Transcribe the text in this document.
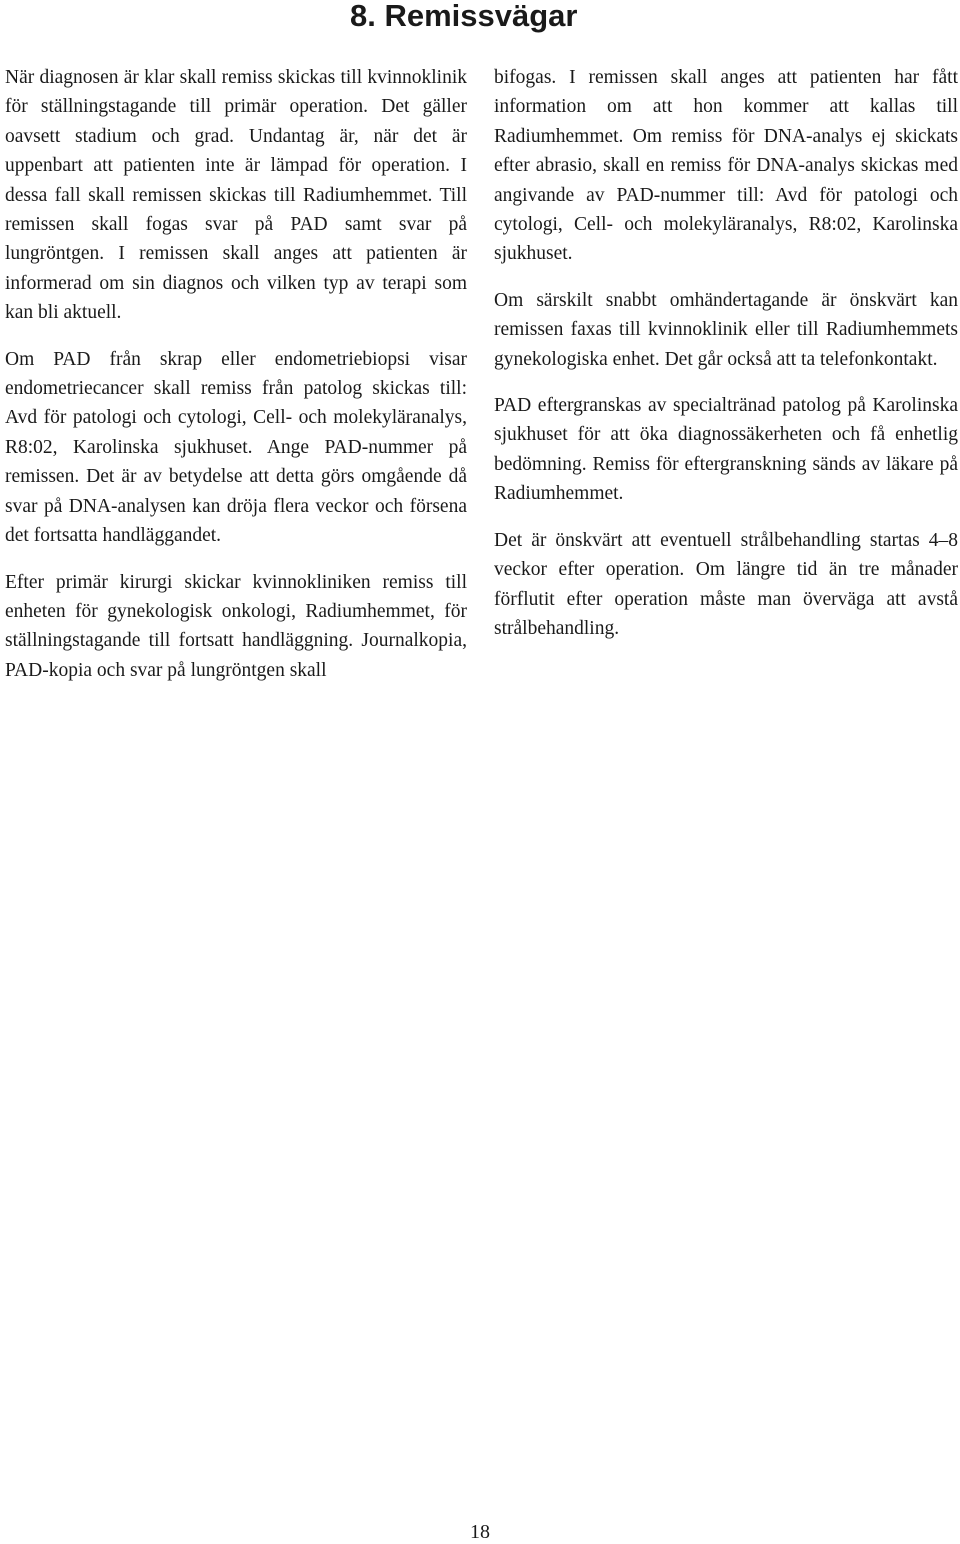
8. Remissvägar

När diagnosen är klar skall remiss skickas till kvinnoklinik för ställningstagande till primär operation. Det gäller oavsett stadium och grad. Undantag är, när det är uppenbart att patienten inte är lämpad för operation. I dessa fall skall remissen skickas till Radiumhemmet. Till remissen skall fogas svar på PAD samt svar på lungröntgen. I remissen skall anges att patienten är informerad om sin diagnos och vilken typ av terapi som kan bli aktuell.

Om PAD från skrap eller endometriebiopsi visar endometriecancer skall remiss från patolog skickas till: Avd för patologi och cytologi, Cell- och molekyläranalys, R8:02, Karolinska sjukhuset. Ange PAD-nummer på remissen. Det är av betydelse att detta görs omgående då svar på DNA-analysen kan dröja flera veckor och försena det fortsatta handläggandet.

Efter primär kirurgi skickar kvinnokliniken remiss till enheten för gynekologisk onkologi, Radiumhemmet, för ställningstagande till fortsatt handläggning. Journalkopia, PAD-kopia och svar på lungröntgen skall

bifogas. I remissen skall anges att patienten har fått information om att hon kommer att kallas till Radiumhemmet. Om remiss för DNA-analys ej skickats efter abrasio, skall en remiss för DNA-analys skickas med angivande av PAD-nummer till: Avd för patologi och cytologi, Cell- och molekyläranalys, R8:02, Karolinska sjukhuset.

Om särskilt snabbt omhändertagande är önskvärt kan remissen faxas till kvinnoklinik eller till Radiumhemmets gynekologiska enhet. Det går också att ta telefonkontakt.

PAD eftergranskas av specialtränad patolog på Karolinska sjukhuset för att öka diagnossäkerheten och få enhetlig bedömning. Remiss för eftergranskning sänds av läkare på Radiumhemmet.

Det är önskvärt att eventuell strålbehandling startas 4–8 veckor efter operation. Om längre tid än tre månader förflutit efter operation måste man överväga att avstå strålbehandling.

18
